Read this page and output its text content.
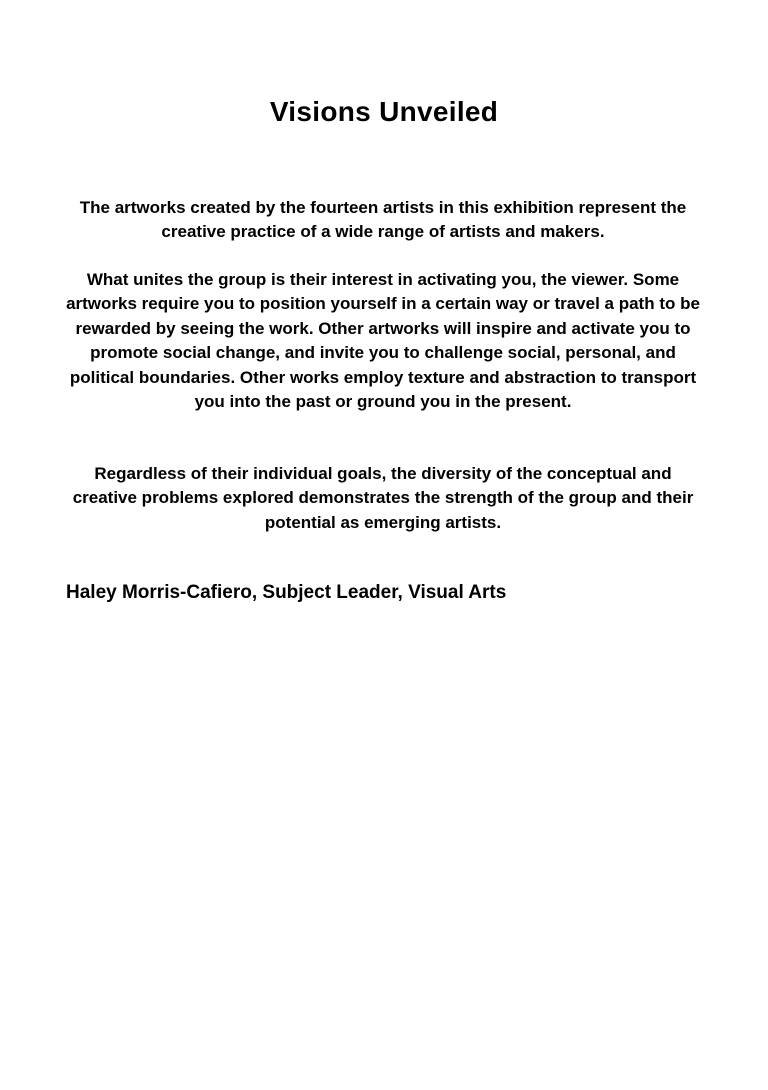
Visions Unveiled

The artworks created by the fourteen artists in this exhibition represent the creative practice of a wide range of artists and makers.

What unites the group is their interest in activating you, the viewer. Some artworks require you to position yourself in a certain way or travel a path to be rewarded by seeing the work. Other artworks will inspire and activate you to promote social change, and invite you to challenge social, personal, and political boundaries. Other works employ texture and abstraction to transport you into the past or ground you in the present.

Regardless of their individual goals, the diversity of the conceptual and creative problems explored demonstrates the strength of the group and their potential as emerging artists.

Haley Morris-Cafiero, Subject Leader, Visual Arts
